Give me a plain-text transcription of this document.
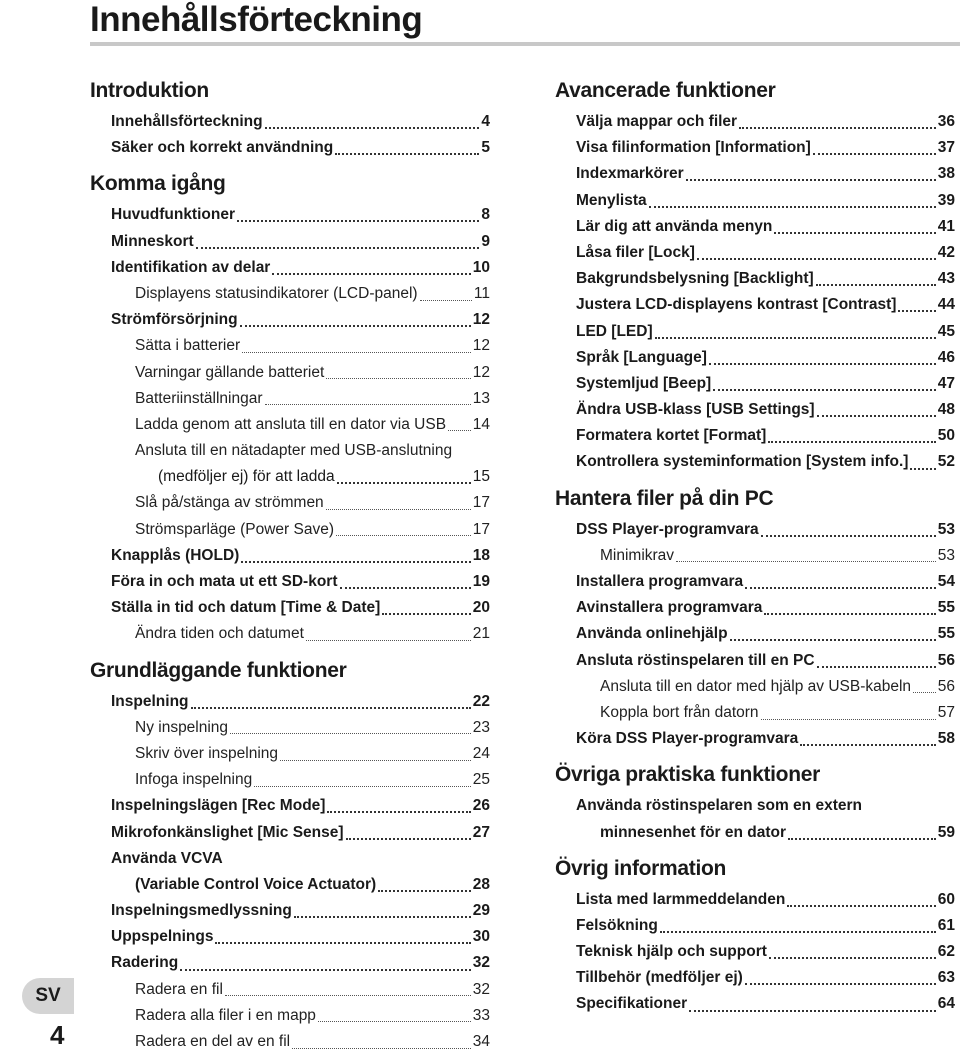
Innehållsförteckning
Introduktion
Innehållsförteckning	4
Säker och korrekt användning	5
Komma igång
Huvudfunktioner	8
Minneskort	9
Identifikation av delar	10
Displayens statusindikatorer (LCD-panel)	11
Strömförsörjning	12
Sätta i batterier	12
Varningar gällande batteriet	12
Batteriinställningar	13
Ladda genom att ansluta till en dator via USB 14
Ansluta till en nätadapter med USB-anslutning
(medföljer ej) för att ladda	15
Slå på/stänga av strömmen	17
Strömsparläge (Power Save)	17
Knapplås (HOLD)	18
Föra in och mata ut ett SD-kort	19
Ställa in tid och datum [Time & Date]	20
Ändra tiden och datumet	21
Grundläggande funktioner
Inspelning	22
Ny inspelning	23
Skriv över inspelning	24
Infoga inspelning	25
Inspelningslägen [Rec Mode]	26
Mikrofonkänslighet [Mic Sense]	27
Använda VCVA
(Variable Control Voice Actuator)	28
Inspelningsmedlyssning	29
Uppspelnings	30
Radering	32
Radera en fil	32
Radera alla filer i en mapp	33
Radera en del av en fil	34
Avancerade funktioner
Välja mappar och filer	36
Visa filinformation [Information]	37
Indexmarkörer	38
Menylista	39
Lär dig att använda menyn	41
Låsa filer [Lock]	42
Bakgrundsbelysning [Backlight]	43
Justera LCD-displayens kontrast [Contrast]	44
LED [LED]	45
Språk [Language]	46
Systemljud [Beep]	47
Ändra USB-klass [USB Settings]	48
Formatera kortet [Format]	50
Kontrollera systeminformation [System info.] 52
Hantera filer på din PC
DSS Player-programvara	53
Minimikrav	53
Installera programvara	54
Avinstallera programvara	55
Använda onlinehjälp	55
Ansluta röstinspelaren till en PC	56
Ansluta till en dator med hjälp av USB-kabeln 56
Koppla bort från datorn	57
Köra DSS Player-programvara	58
Övriga praktiska funktioner
Använda röstinspelaren som en extern
minnesenhet för en dator	59
Övrig information
Lista med larmmeddelanden	60
Felsökning	61
Teknisk hjälp och support	62
Tillbehör (medföljer ej)	63
Specifikationer	64
SV
4
